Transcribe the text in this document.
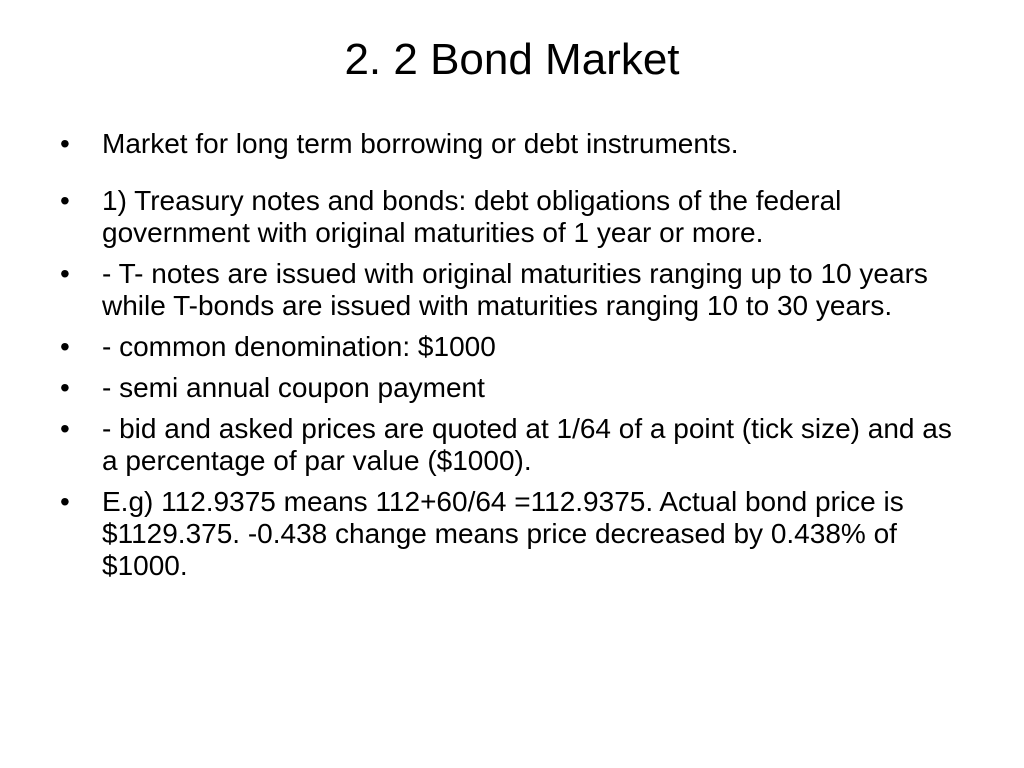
2. 2 Bond Market
•	Market for long term borrowing or debt instruments.
•	1) Treasury notes and bonds: debt obligations of the federal government with original maturities of 1 year or more.
•	- T- notes are issued with original maturities ranging up to 10 years while T-bonds are issued with maturities ranging 10 to 30 years.
•	- common denomination: $1000
•	- semi annual coupon payment
•	- bid and asked prices are quoted at 1/64 of a point (tick size) and as a percentage of par value ($1000).
•	E.g) 112.9375 means 112+60/64 =112.9375. Actual bond price is $1129.375. -0.438 change means price decreased by 0.438% of $1000.
